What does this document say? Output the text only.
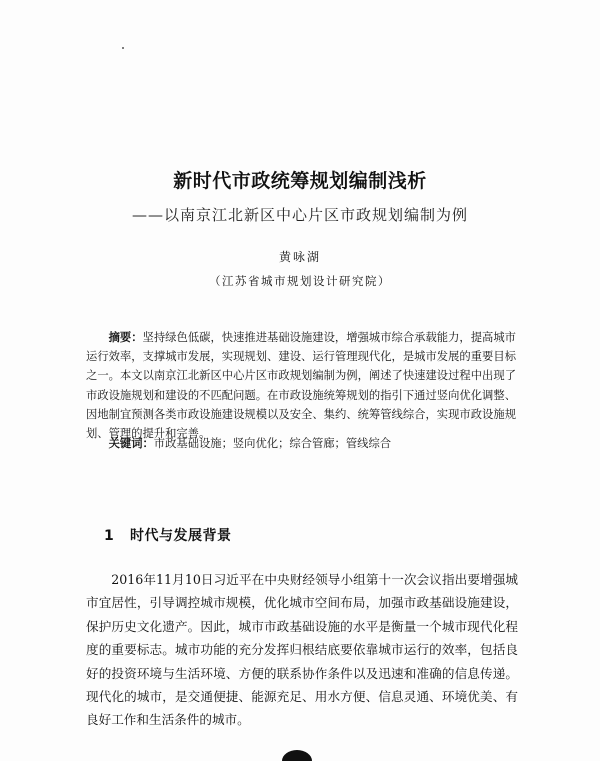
新时代市政统筹规划编制浅析
——以南京江北新区中心片区市政规划编制为例
黄咏湖
（江苏省城市规划设计研究院）
摘要：坚持绿色低碳，快速推进基础设施建设，增强城市综合承载能力，提高城市运行效率，支撑城市发展，实现规划、建设、运行管理现代化，是城市发展的重要目标之一。本文以南京江北新区中心片区市政规划编制为例，阐述了快速建设过程中出现了市政设施规划和建设的不匹配问题。在市政设施统筹规划的指引下通过竖向优化调整、因地制宜预测各类市政设施建设规模以及安全、集约、统筹管线综合，实现市政设施规划、管理的提升和完善。
关键词：市政基础设施；竖向优化；综合管廊；管线综合
1 时代与发展背景
2016年11月10日习近平在中央财经领导小组第十一次会议指出要增强城市宜居性，引导调控城市规模，优化城市空间布局，加强市政基础设施建设，保护历史文化遗产。因此，城市市政基础设施的水平是衡量一个城市现代化程度的重要标志。城市功能的充分发挥归根结底要依靠城市运行的效率，包括良好的投资环境与生活环境、方便的联系协作条件以及迅速和准确的信息传递。现代化的城市，是交通便捷、能源充足、用水方便、信息灵通、环境优美、有良好工作和生活条件的城市。
